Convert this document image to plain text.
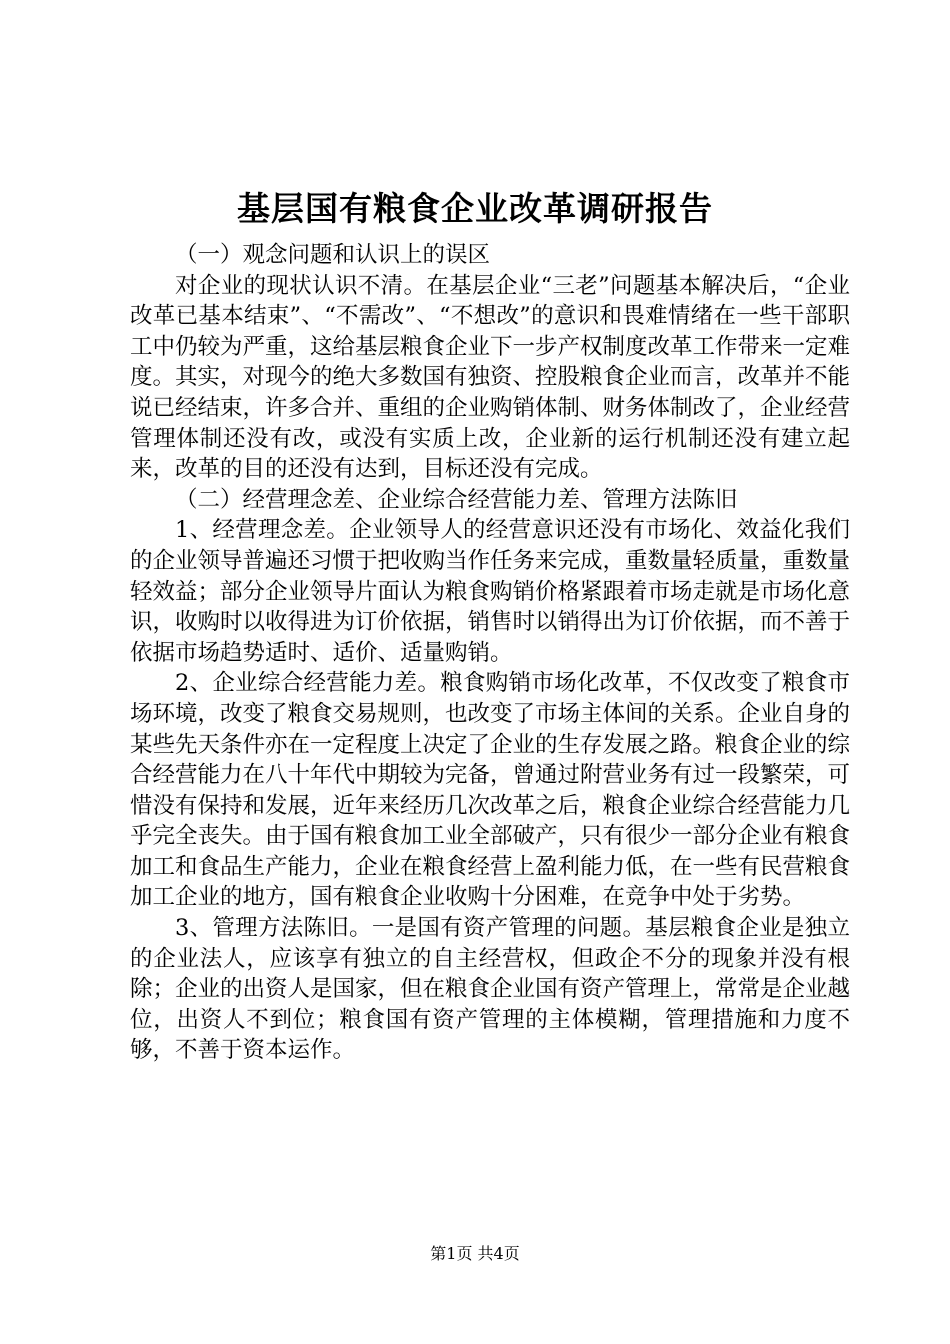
基层国有粮食企业改革调研报告

（一）观念问题和认识上的误区

对企业的现状认识不清。在基层企业“三老”问题基本解决后，“企业改革已基本结束”、“不需改”、“不想改”的意识和畏难情绪在一些干部职工中仍较为严重，这给基层粮食企业下一步产权制度改革工作带来一定难度。其实，对现今的绝大多数国有独资、控股粮食企业而言，改革并不能说已经结束，许多合并、重组的企业购销体制、财务体制改了，企业经营管理体制还没有改，或没有实质上改，企业新的运行机制还没有建立起来，改革的目的还没有达到，目标还没有完成。

（二）经营理念差、企业综合经营能力差、管理方法陈旧

1、经营理念差。企业领导人的经营意识还没有市场化、效益化我们的企业领导普遍还习惯于把收购当作任务来完成，重数量轻质量，重数量轻效益；部分企业领导片面认为粮食购销价格紧跟着市场走就是市场化意识，收购时以收得进为订价依据，销售时以销得出为订价依据，而不善于依据市场趋势适时、适价、适量购销。

2、企业综合经营能力差。粮食购销市场化改革，不仅改变了粮食市场环境，改变了粮食交易规则，也改变了市场主体间的关系。企业自身的某些先天条件亦在一定程度上决定了企业的生存发展之路。粮食企业的综合经营能力在八十年代中期较为完备，曾通过附营业务有过一段繁荣，可惜没有保持和发展，近年来经历几次改革之后，粮食企业综合经营能力几乎完全丧失。由于国有粮食加工业全部破产，只有很少一部分企业有粮食加工和食品生产能力，企业在粮食经营上盈利能力低，在一些有民营粮食加工企业的地方，国有粮食企业收购十分困难，在竞争中处于劣势。

3、管理方法陈旧。一是国有资产管理的问题。基层粮食企业是独立的企业法人，应该享有独立的自主经营权，但政企不分的现象并没有根除；企业的出资人是国家，但在粮食企业国有资产管理上，常常是企业越位，出资人不到位；粮食国有资产管理的主体模糊，管理措施和力度不够，不善于资本运作。

第1页 共4页
